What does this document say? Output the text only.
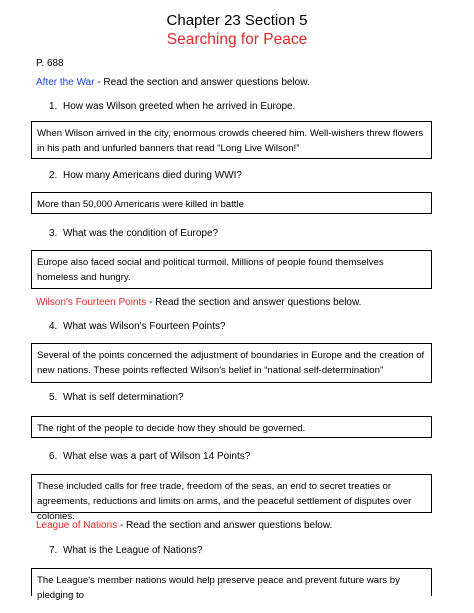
Chapter 23 Section 5
Searching for Peace
P. 688
After the War - Read the section and answer questions below.
1. How was Wilson greeted when he arrived in Europe.
When Wilson arrived in the city, enormous crowds cheered him. Well-wishers threw flowers in his path and unfurled banners that read “Long Live Wilson!”
2. How many Americans died during WWI?
More than 50,000 Americans were killed in battle
3. What was the condition of Europe?
Europe also faced social and political turmoil. Millions of people found themselves homeless and hungry.
Wilson's Fourteen Points - Read the section and answer questions below.
4. What was Wilson's Fourteen Points?
Several of the points concerned the adjustment of boundaries in Europe and the creation of new nations. These points reflected Wilson's belief in “national self-determination”
5. What is self determination?
The right of the people to decide how they should be governed.
6. What else was a part of Wilson 14 Points?
These included calls for free trade, freedom of the seas, an end to secret treaties or agreements, reductions and limits on arms, and the peaceful settlement of disputes over colonies.
League of Nations - Read the section and answer questions below.
7. What is the League of Nations?
The League's member nations would help preserve peace and prevent future wars by pledging to
